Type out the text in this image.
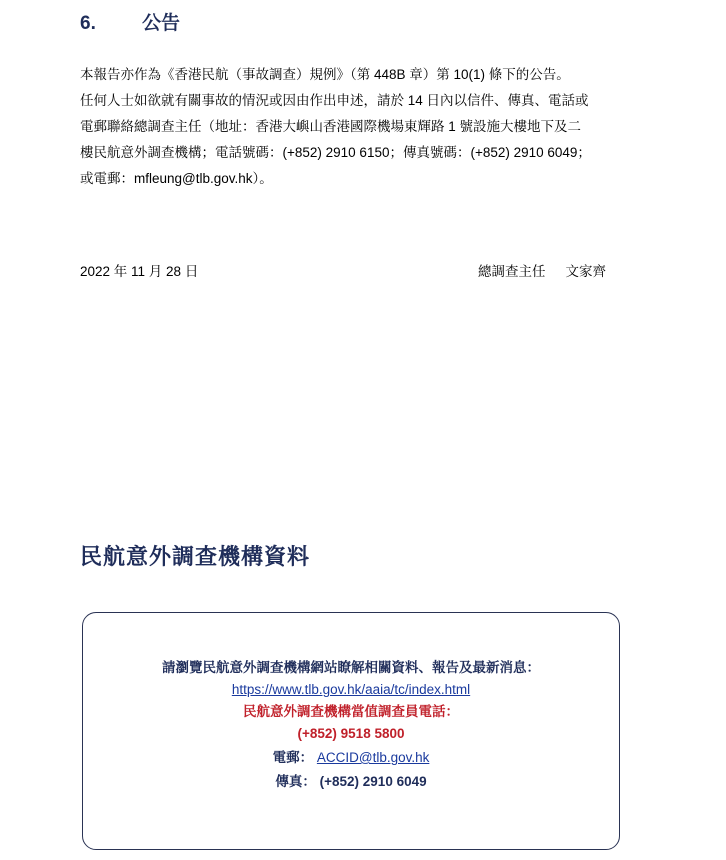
6.	公告

本報告亦作為《香港民航（事故調查）規例》（第 448B 章）第 10(1) 條下的公告。

任何人士如欲就有關事故的情況或因由作出申述，請於 14 日內以信件、傳真、電話或

電郵聯絡總調查主任（地址：香港大嶼山香港國際機場東輝路 1 號設施大樓地下及二

樓民航意外調查機構；電話號碼：(+852) 2910 6150；傳真號碼：(+852) 2910 6049；

或電郵：mfleung@tlb.gov.hk）。

2022 年 11 月 28 日	總調查主任 文家齊
民航意外調查機構資料
請瀏覽民航意外調查機構網站瞭解相關資料、報告及最新消息：
https://www.tlb.gov.hk/aaia/tc/index.html
民航意外調查機構當值調查員電話：
(+852) 9518 5800
電郵： ACCID@tlb.gov.hk
傳真： (+852) 2910 6049
